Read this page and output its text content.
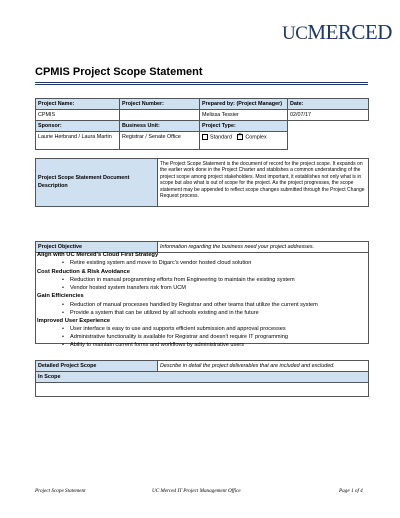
UCMERCED
CPMIS Project Scope Statement
Project Name:	Project Number:	Prepared by: (Project Manager)	Date:
CPMIS		Melissa Tessier	02/07/17
Sponsor:	Business Unit:	Project Type:	
Laurie Herbrand / Laura Martin	Registrar / Senate Office	Standard ✕ Complex	
Project Scope Statement Document Description	The Project Scope Statement is the document of record for the project scope. It expands on the earlier work done in the Project Charter and stablishes a common understanding of the project scope among project stakeholders. Most important, it establishes not only what is in scope but also what is out of scope for the project. As the project progresses, the scope statement may be appended to reflect scope changes submitted through the Project Change Request process.
Project Objective	Information regarding the business need your project addresses.

Align with UC Merced's Cloud First Strategy
•	Retire existing system and move to Digarc's vendor hosted cloud solution
Cost Reduction & Risk Avoidance
•	Reduction in manual programming efforts from Engineering to maintain the existing system
•	Vendor hosted system transfers risk from UCM
Gain Efficiencies
•	Reduction of manual processes handled by Registrar and other teams that utilize the current system
•	Provide a system that can be utilized by all schools existing and in the future
Improved User Experience
•	User interface is easy to use and supports efficient submission and approval processes
•	Administrative functionality is available for Registrar and doesn't require IT programming
•	Ability to maintain current forms and workflows by administrative users
Detailed Project Scope	Describe in detail the project deliverables that are included and excluded.
In Scope

Project Scope Statement	UC Merced IT Project Management Office	Page 1 of 4
